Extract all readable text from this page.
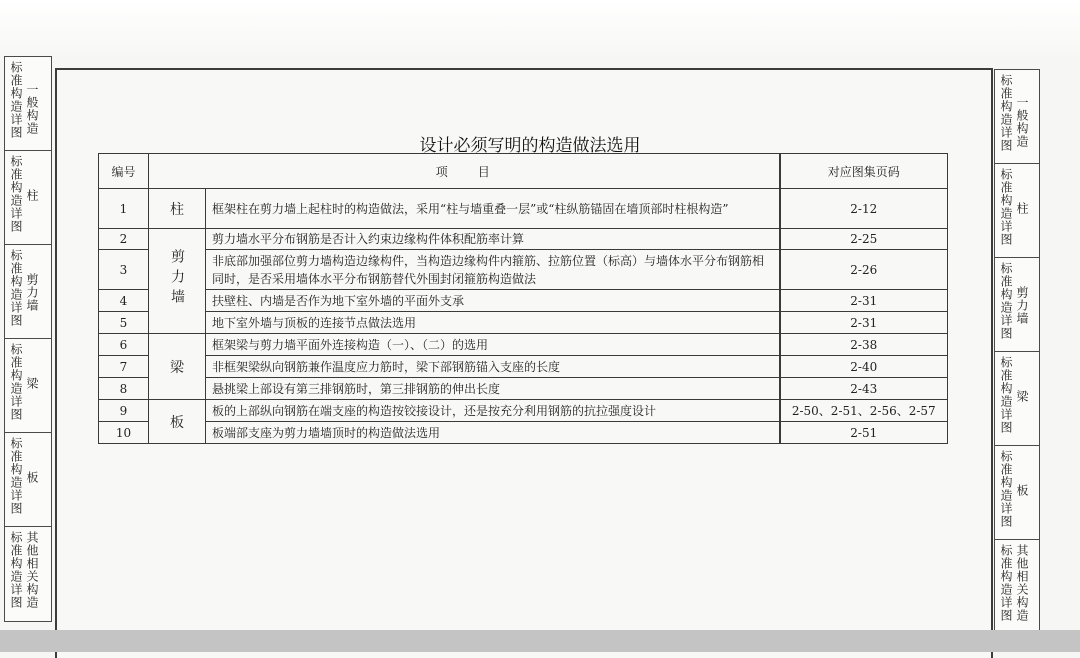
标准构造详图 一般构造
标准构造详图 柱
标准构造详图 剪力墙
标准构造详图 梁
标准构造详图 板
标准构造详图 其他相关构造
设计必须写明的构造做法选用
编号	项　　目		对应图集页码
1	柱	框架柱在剪力墙上起柱时的构造做法，采用“柱与墙重叠一层”或“柱纵筋锚固在墙顶部时柱根构造”	2-12
2	剪力墙	剪力墙水平分布钢筋是否计入约束边缘构件体积配筋率计算	2-25
3		非底部加强部位剪力墙构造边缘构件，当构造边缘构件内箍筋、拉筋位置（标高）与墙体水平分布钢筋相同时，是否采用墙体水平分布钢筋替代外围封闭箍筋构造做法	2-26
4		扶壁柱、内墙是否作为地下室外墙的平面外支承	2-31
5		地下室外墙与顶板的连接节点做法选用	2-31
6	梁	框架梁与剪力墙平面外连接构造（一）、（二）的选用	2-38
7		非框架梁纵向钢筋兼作温度应力筋时，梁下部钢筋锚入支座的长度	2-40
8		悬挑梁上部设有第三排钢筋时，第三排钢筋的伸出长度	2-43
9	板	板的上部纵向钢筋在端支座的构造按铰接设计，还是按充分利用钢筋的抗拉强度设计	2-50、2-51、2-56、2-57
10		板端部支座为剪力墙墙顶时的构造做法选用	2-51
标准构造详图 一般构造
标准构造详图 柱
标准构造详图 剪力墙
标准构造详图 梁
标准构造详图 板
标准构造详图 其他相关构造
